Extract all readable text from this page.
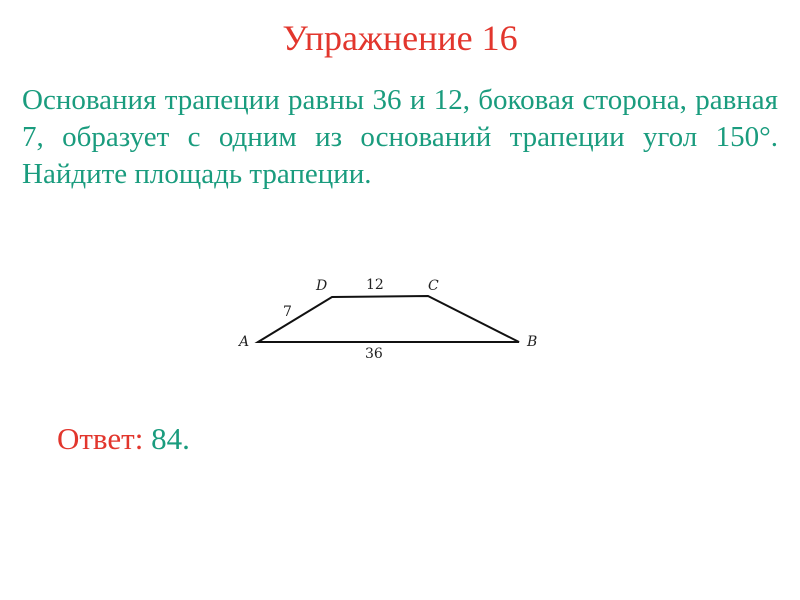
Упражнение 16
Основания трапеции равны 36 и 12, боковая сторона, равная 7, образует с одним из оснований трапеции угол 150°. Найдите площадь трапеции.
A	B
C
D	12
36
7
Ответ: 84.
